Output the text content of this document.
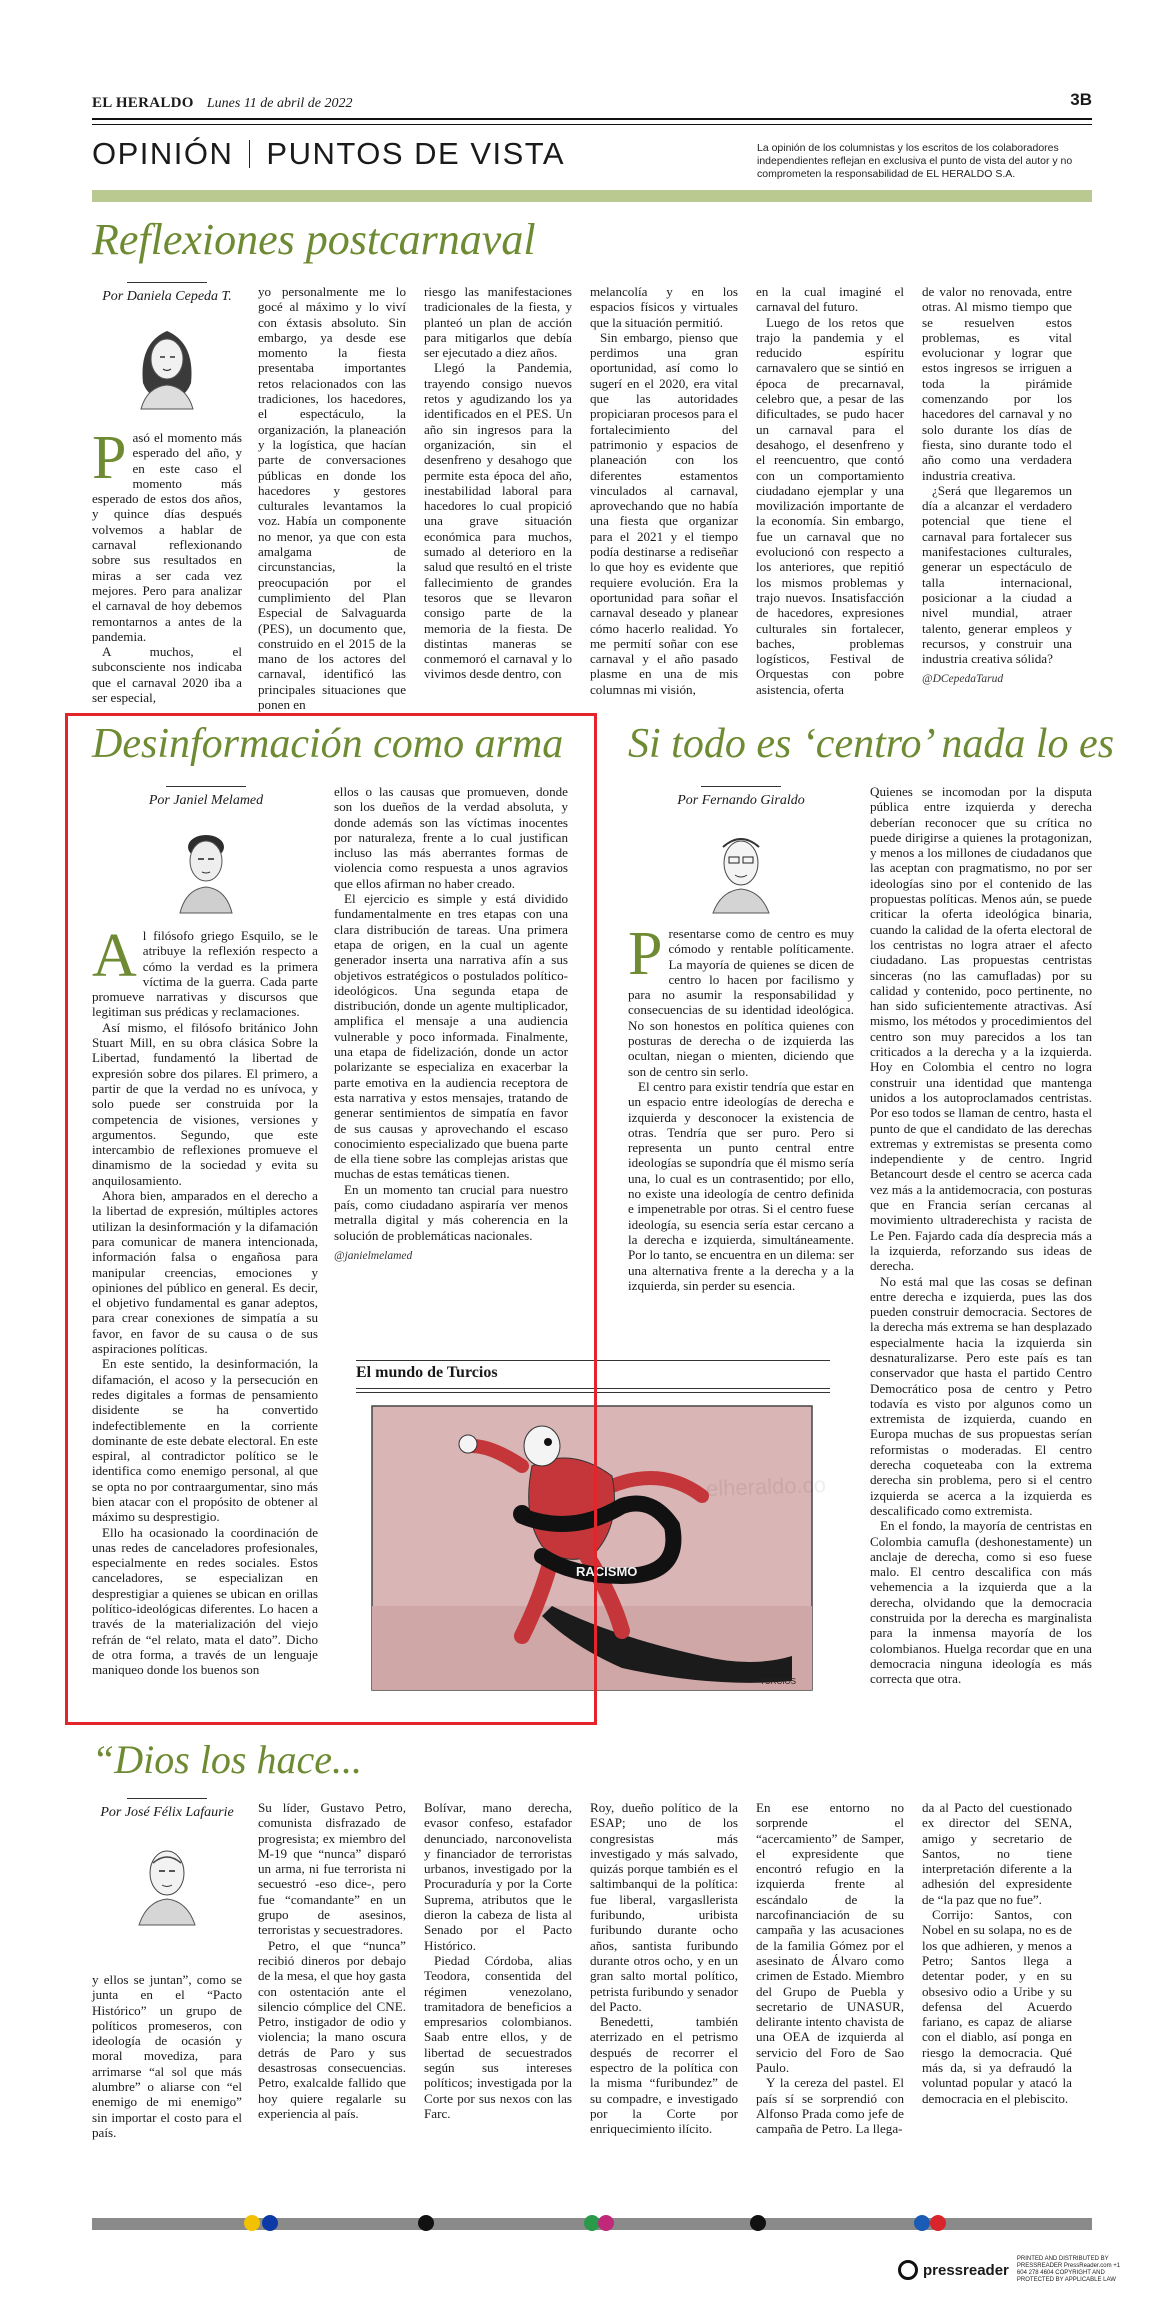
EL HERALDO Lunes 11 de abril de 2022	3B
OPINIÓN PUNTOS DE VISTA	La opinión de los columnistas y los escritos de los colaboradores independientes reflejan en exclusiva el punto de vista del autor y no comprometen la responsabilidad de EL HERALDO S.A.
Reflexiones postcarnaval
Por Daniela Cepeda T.
P asó el momento más esperado del año, y en este caso el momento más esperado de estos dos años, y quince días después volvemos a hablar de carnaval reflexionando sobre sus resultados en miras a ser cada vez mejores. Pero para analizar el carnaval de hoy debemos remontarnos a antes de la pandemia.

A muchos, el subconsciente nos indicaba que el carnaval 2020 iba a ser especial,

yo personalmente me lo gocé al máximo y lo viví con éxtasis absoluto. Sin embargo, ya desde ese momento la fiesta presentaba importantes retos relacionados con las tradiciones, los hacedores, el espectáculo, la organización, la planeación y la logística, que hacían parte de conversaciones públicas en donde los hacedores y gestores culturales levantamos la voz. Había un componente no menor, ya que con esta amalgama de circunstancias, la preocupación por el cumplimiento del Plan Especial de Salvaguarda (PES), un documento que, construido en el 2015 de la mano de los actores del carnaval, identificó las principales situaciones que ponen en

riesgo las manifestaciones tradicionales de la fiesta, y planteó un plan de acción para mitigarlos que debía ser ejecutado a diez años.

Llegó la Pandemia, trayendo consigo nuevos retos y agudizando los ya identificados en el PES. Un año sin ingresos para la organización, sin el desenfreno y desahogo que permite esta época del año, inestabilidad laboral para hacedores lo cual propició una grave situación económica para muchos, sumado al deterioro en la salud que resultó en el triste fallecimiento de grandes tesoros que se llevaron consigo parte de la memoria de la fiesta. De distintas maneras se conmemoró el carnaval y lo vivimos desde dentro, con

melancolía y en los espacios físicos y virtuales que la situación permitió.

Sin embargo, pienso que perdimos una gran oportunidad, así como lo sugerí en el 2020, era vital que las autoridades propiciaran procesos para el fortalecimiento del patrimonio y espacios de planeación con los diferentes estamentos vinculados al carnaval, aprovechando que no había una fiesta que organizar para el 2021 y el tiempo podía destinarse a rediseñar lo que hoy es evidente que requiere evolución. Era la oportunidad para soñar el carnaval deseado y planear cómo hacerlo realidad. Yo me permití soñar con ese carnaval y el año pasado plasme en una de mis columnas mi visión,

en la cual imaginé el carnaval del futuro.

Luego de los retos que trajo la pandemia y el reducido espíritu carnavalero que se sintió en época de precarnaval, celebro que, a pesar de las dificultades, se pudo hacer un carnaval para el desahogo, el desenfreno y el reencuentro, que contó con un comportamiento ciudadano ejemplar y una movilización importante de la economía. Sin embargo, fue un carnaval que no evolucionó con respecto a los anteriores, que repitió los mismos problemas y trajo nuevos. Insatisfacción de hacedores, expresiones culturales sin fortalecer, baches, problemas logísticos, Festival de Orquestas con pobre asistencia, oferta

de valor no renovada, entre otras. Al mismo tiempo que se resuelven estos problemas, es vital evolucionar y lograr que estos ingresos se irriguen a toda la pirámide comenzando por los hacedores del carnaval y no solo durante los días de fiesta, sino durante todo el año como una verdadera industria creativa.

¿Será que llegaremos un día a alcanzar el verdadero potencial que tiene el carnaval para fortalecer sus manifestaciones culturales, generar un espectáculo de talla internacional, posicionar a la ciudad a nivel mundial, atraer talento, generar empleos y recursos, y construir una industria creativa sólida?

@DCepedaTarud
Desinformación como arma
Por Janiel Melamed
A l filósofo griego Esquilo, se le atribuye la reflexión respecto a cómo la verdad es la primera víctima de la guerra. Cada parte promueve narrativas y discursos que legitiman sus prédicas y reclamaciones.

Así mismo, el filósofo británico John Stuart Mill, en su obra clásica Sobre la Libertad, fundamentó la libertad de expresión sobre dos pilares. El primero, a partir de que la verdad no es unívoca, y solo puede ser construida por la competencia de visiones, versiones y argumentos. Segundo, que este intercambio de reflexiones promueve el dinamismo de la sociedad y evita su anquilosamiento.

Ahora bien, amparados en el derecho a la libertad de expresión, múltiples actores utilizan la desinformación y la difamación para comunicar de manera intencionada, información falsa o engañosa para manipular creencias, emociones y opiniones del público en general. Es decir, el objetivo fundamental es ganar adeptos, para crear conexiones de simpatía a su favor, en favor de su causa o de sus aspiraciones políticas.

En este sentido, la desinformación, la difamación, el acoso y la persecución en redes digitales a formas de pensamiento disidente se ha convertido indefectiblemente en la corriente dominante de este debate electoral. En este espiral, al contradictor político se le identifica como enemigo personal, al que se opta no por contraargumentar, sino más bien atacar con el propósito de obtener al máximo su desprestigio.

Ello ha ocasionado la coordinación de unas redes de canceladores profesionales, especialmente en redes sociales. Estos canceladores, se especializan en desprestigiar a quienes se ubican en orillas político-ideológicas diferentes. Lo hacen a través de la materialización del viejo refrán de “el relato, mata el dato”. Dicho de otra forma, a través de un lenguaje maniqueo donde los buenos son

ellos o las causas que promueven, donde son los dueños de la verdad absoluta, y donde además son las víctimas inocentes por naturaleza, frente a lo cual justifican incluso las más aberrantes formas de violencia como respuesta a unos agravios que ellos afirman no haber creado.

El ejercicio es simple y está dividido fundamentalmente en tres etapas con una clara distribución de tareas. Una primera etapa de origen, en la cual un agente generador inserta una narrativa afín a sus objetivos estratégicos o postulados político-ideológicos. Una segunda etapa de distribución, donde un agente multiplicador, amplifica el mensaje a una audiencia vulnerable y poco informada. Finalmente, una etapa de fidelización, donde un actor polarizante se especializa en exacerbar la parte emotiva en la audiencia receptora de esta narrativa y estos mensajes, tratando de generar sentimientos de simpatía en favor de sus causas y aprovechando el escaso conocimiento especializado que buena parte de ella tiene sobre las complejas aristas que muchas de estas temáticas tienen.

En un momento tan crucial para nuestro país, como ciudadano aspiraría ver menos metralla digital y más coherencia en la solución de problemáticas nacionales.

@janielmelamed
El mundo de Turcios
RACISMO
TURCIOS
elheraldo.co
Si todo es ‘centro’ nada lo es
Por Fernando Giraldo
P resentarse como de centro es muy cómodo y rentable políticamente. La mayoría de quienes se dicen de centro lo hacen por facilismo y para no asumir la responsabilidad y consecuencias de su identidad ideológica. No son honestos en política quienes con posturas de derecha o de izquierda las ocultan, niegan o mienten, diciendo que son de centro sin serlo.

El centro para existir tendría que estar en un espacio entre ideologías de derecha e izquierda y desconocer la existencia de otras. Tendría que ser puro. Pero si representa un punto central entre ideologías se supondría que él mismo sería una, lo cual es un contrasentido; por ello, no existe una ideología de centro definida e impenetrable por otras. Si el centro fuese ideología, su esencia sería estar cercano a la derecha e izquierda, simultáneamente. Por lo tanto, se encuentra en un dilema: ser una alternativa frente a la derecha y a la izquierda, sin perder su esencia.

Quienes se incomodan por la disputa pública entre izquierda y derecha deberían reconocer que su crítica no puede dirigirse a quienes la protagonizan, y menos a los millones de ciudadanos que las aceptan con pragmatismo, no por ser ideologías sino por el contenido de las propuestas políticas. Menos aún, se puede criticar la oferta ideológica binaria, cuando la calidad de la oferta electoral de los centristas no logra atraer el afecto ciudadano. Las propuestas centristas sinceras (no las camufladas) por su calidad y contenido, poco pertinente, no han sido suficientemente atractivas. Así mismo, los métodos y procedimientos del centro son muy parecidos a los tan criticados a la derecha y a la izquierda. Hoy en Colombia el centro no logra construir una identidad que mantenga unidos a los autoproclamados centristas. Por eso todos se llaman de centro, hasta el punto de que el candidato de las derechas extremas y extremistas se presenta como independiente y de centro. Ingrid Betancourt desde el centro se acerca cada vez más a la antidemocracia, con posturas que en Francia serían cercanas al movimiento ultraderechista y racista de Le Pen. Fajardo cada día desprecia más a la izquierda, reforzando sus ideas de derecha.

No está mal que las cosas se definan entre derecha e izquierda, pues las dos pueden construir democracia. Sectores de la derecha más extrema se han desplazado especialmente hacia la izquierda sin desnaturalizarse. Pero este país es tan conservador que hasta el partido Centro Democrático posa de centro y Petro todavía es visto por algunos como un extremista de izquierda, cuando en Europa muchas de sus propuestas serían reformistas o moderadas. El centro derecha coqueteaba con la extrema derecha sin problema, pero si el centro izquierda se acerca a la izquierda es descalificado como extremista.

En el fondo, la mayoría de centristas en Colombia camufla (deshonestamente) un anclaje de derecha, como si eso fuese malo. El centro descalifica con más vehemencia a la izquierda que a la derecha, olvidando que la democracia construida por la derecha es marginalista para la inmensa mayoría de los colombianos. Huelga recordar que en una democracia ninguna ideología es más correcta que otra.

“Dios los hace...
Por José Félix Lafaurie

y ellos se juntan”, como se junta en el “Pacto Histórico” un grupo de políticos promeseros, con ideología de ocasión y moral movediza, para arrimarse “al sol que más alumbre” o aliarse con “el enemigo de mi enemigo” sin importar el costo para el país.

Su líder, Gustavo Petro, comunista disfrazado de progresista; ex miembro del M-19 que “nunca” disparó un arma, ni fue terrorista ni secuestró -eso dice-, pero fue “comandante” en un grupo de asesinos, terroristas y secuestradores.

Petro, el que “nunca” recibió dineros por debajo de la mesa, el que hoy gasta con ostentación ante el silencio cómplice del CNE. Petro, instigador de odio y violencia; la mano oscura detrás de Paro y sus desastrosas consecuencias. Petro, exalcalde fallido que hoy quiere regalarle su experiencia al país.

Bolívar, mano derecha, evasor confeso, estafador denunciado, narconovelista y financiador de terroristas urbanos, investigado por la Procuraduría y por la Corte Suprema, atributos que le dieron la cabeza de lista al Senado por el Pacto Histórico.

Piedad Córdoba, alias Teodora, consentida del régimen venezolano, tramitadora de beneficios a empresarios colombianos. Saab entre ellos, y de libertad de secuestrados según sus intereses políticos; investigada por la Corte por sus nexos con las Farc.

Roy, dueño político de la ESAP; uno de los congresistas más investigado y más salvado, quizás porque también es el saltimbanqui de la política: fue liberal, vargasllerista furibundo, uribista furibundo durante ocho años, santista furibundo durante otros ocho, y en un gran salto mortal político, petrista furibundo y senador del Pacto.

Benedetti, también aterrizado en el petrismo después de recorrer el espectro de la política con la misma “furibundez” de su compadre, e investigado por la Corte por enriquecimiento ilícito.

En ese entorno no sorprende el “acercamiento” de Samper, el expresidente que encontró refugio en la izquierda frente al escándalo de la narcofinanciación de su campaña y las acusaciones de la familia Gómez por el asesinato de Álvaro como crimen de Estado. Miembro del Grupo de Puebla y secretario de UNASUR, delirante intento chavista de una OEA de izquierda al servicio del Foro de Sao Paulo.

Y la cereza del pastel. El país sí se sorprendió con Alfonso Prada como jefe de campaña de Petro. La llega-

da al Pacto del cuestionado ex director del SENA, amigo y secretario de Santos, no tiene interpretación diferente a la adhesión del expresidente de “la paz que no fue”.

Corrijo: Santos, con Nobel en su solapa, no es de los que adhieren, y menos a Petro; Santos llega a detentar poder, y en su obsesivo odio a Uribe y su defensa del Acuerdo fariano, es capaz de aliarse con el diablo, así ponga en riesgo la democracia. Qué más da, si ya defraudó la voluntad popular y atacó la democracia en el plebiscito.

pressreader
PRINTED AND DISTRIBUTED BY PRESSREADER PressReader.com +1 604 278 4604 COPYRIGHT AND PROTECTED BY APPLICABLE LAW
